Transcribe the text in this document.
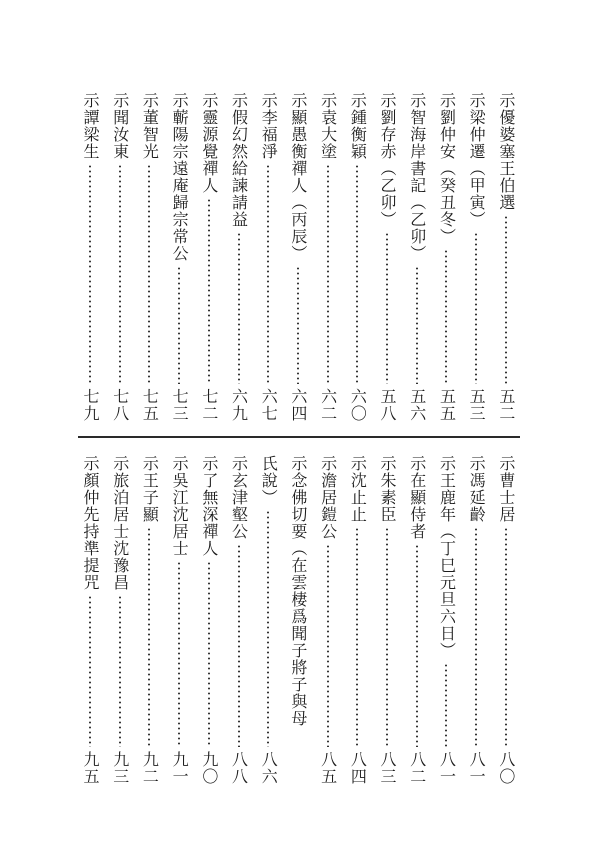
示優婆塞王伯選
五二
示梁仲遷（甲寅）
五三
示劉仲安（癸丑冬）
五五
示智海岸書記（乙卯）
五六
示劉存赤（乙卯）
五八
示鍾衡穎
六〇
示袁大塗
六二
示顯愚衡禪人（丙辰）
六四
示李福淨
六七
示假幻然給諫請益
六九
示靈源覺禪人
七二
示蘄陽宗遠庵歸宗常公
七三
示董智光
七五
示聞汝東
七八
示譚梁生
七九
示曹士居
八〇
示馮延齡
八一
示王鹿年（丁巳元旦六日）
八一
示在顯侍者
八二
示朱素臣
八三
示沈止止
八四
示澹居鎧公
八五
示念佛切要（在雲棲爲聞子將子與母
氏說）
八六
示玄津壑公
八八
示了無深禪人
九〇
示吳江沈居士
九一
示王子顯
九二
示旅泊居士沈豫昌
九三
示顏仲先持準提咒
九五
